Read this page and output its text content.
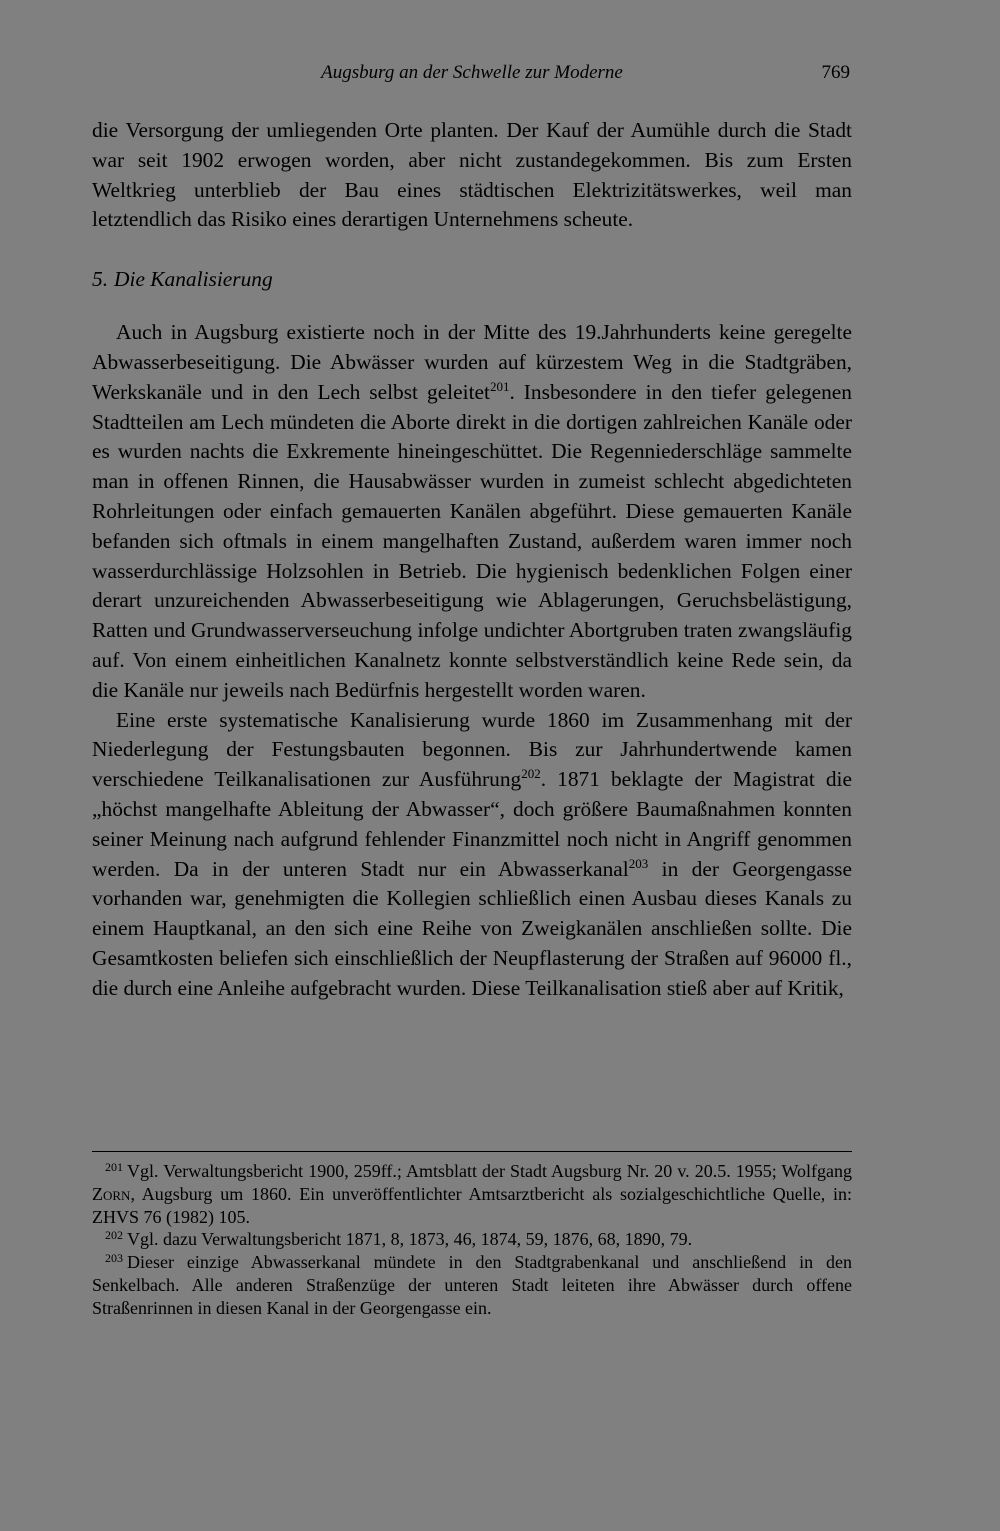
Augsburg an der Schwelle zur Moderne	769

die Versorgung der umliegenden Orte planten. Der Kauf der Aumühle durch die Stadt war seit 1902 erwogen worden, aber nicht zustandegekommen. Bis zum Ersten Weltkrieg unterblieb der Bau eines städtischen Elektrizitätswerkes, weil man letztendlich das Risiko eines derartigen Unternehmens scheute.

5. Die Kanalisierung

Auch in Augsburg existierte noch in der Mitte des 19.Jahrhunderts keine geregelte Abwasserbeseitigung. Die Abwässer wurden auf kürzestem Weg in die Stadtgräben, Werkskanäle und in den Lech selbst geleitet$^{201}$. Insbesondere in den tiefer gelegenen Stadtteilen am Lech mündeten die Aborte direkt in die dortigen zahlreichen Kanäle oder es wurden nachts die Exkremente hineingeschüttet. Die Regenniederschläge sammelte man in offenen Rinnen, die Hausabwässer wurden in zumeist schlecht abgedichteten Rohrleitungen oder einfach gemauerten Kanälen abgeführt. Diese gemauerten Kanäle befanden sich oftmals in einem mangelhaften Zustand, außerdem waren immer noch wasserdurchlässige Holzsohlen in Betrieb. Die hygienisch bedenklichen Folgen einer derart unzureichenden Abwasserbeseitigung wie Ablagerungen, Geruchsbelästigung, Ratten und Grundwasserverseuchung infolge undichter Abortgruben traten zwangsläufig auf. Von einem einheitlichen Kanalnetz konnte selbstverständlich keine Rede sein, da die Kanäle nur jeweils nach Bedürfnis hergestellt worden waren.

Eine erste systematische Kanalisierung wurde 1860 im Zusammenhang mit der Niederlegung der Festungsbauten begonnen. Bis zur Jahrhundertwende kamen verschiedene Teilkanalisationen zur Ausführung$^{202}$. 1871 beklagte der Magistrat die „höchst mangelhafte Ableitung der Abwasser“, doch größere Baumaßnahmen konnten seiner Meinung nach aufgrund fehlender Finanzmittel noch nicht in Angriff genommen werden. Da in der unteren Stadt nur ein Abwasserkanal$^{203}$ in der Georgengasse vorhanden war, genehmigten die Kollegien schließlich einen Ausbau dieses Kanals zu einem Hauptkanal, an den sich eine Reihe von Zweigkanälen anschließen sollte. Die Gesamtkosten beliefen sich einschließlich der Neupflasterung der Straßen auf 96000 fl., die durch eine Anleihe aufgebracht wurden. Diese Teilkanalisation stieß aber auf Kritik,

$^{201}$ Vgl. Verwaltungsbericht 1900, 259ff.; Amtsblatt der Stadt Augsburg Nr. 20 v. 20.5. 1955; Wolfgang Zorn, Augsburg um 1860. Ein unveröffentlichter Amtsarztbericht als sozialgeschichtliche Quelle, in: ZHVS 76 (1982) 105.

$^{202}$ Vgl. dazu Verwaltungsbericht 1871, 8, 1873, 46, 1874, 59, 1876, 68, 1890, 79.

$^{203}$ Dieser einzige Abwasserkanal mündete in den Stadtgrabenkanal und anschließend in den Senkelbach. Alle anderen Straßenzüge der unteren Stadt leiteten ihre Abwässer durch offene Straßenrinnen in diesen Kanal in der Georgengasse ein.
